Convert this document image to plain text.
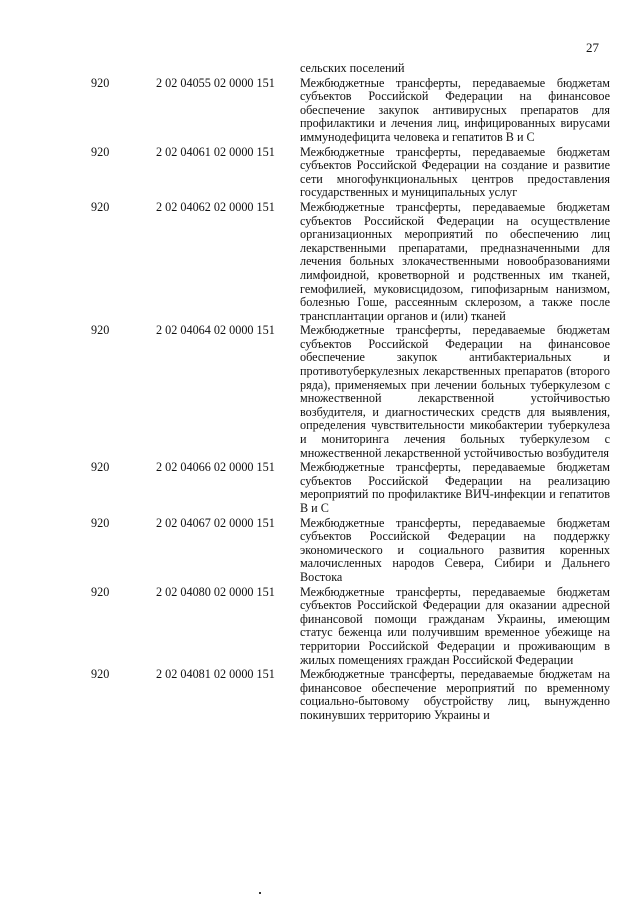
27
сельских поселений
920	2 02 04055 02 0000 151 Межбюджетные трансферты, передаваемые бюджетам субъектов Российской Федерации на финансовое обеспечение закупок антивирусных препаратов для профилактики и лечения лиц, инфицированных вирусами иммунодефицита человека и гепатитов В и С
920	2 02 04061 02 0000 151 Межбюджетные трансферты, передаваемые бюджетам субъектов Российской Федерации на создание и развитие сети многофункциональных центров предоставления государственных и муниципальных услуг
920	2 02 04062 02 0000 151 Межбюджетные трансферты, передаваемые бюджетам субъектов Российской Федерации на осуществление организационных мероприятий по обеспечению лиц лекарственными препаратами, предназначенными для лечения больных злокачественными новообразованиями лимфоидной, кроветворной и родственных им тканей, гемофилией, муковисцидозом, гипофизарным нанизмом, болезнью Гоше, рассеянным склерозом, а также после трансплантации органов и (или) тканей
920	2 02 04064 02 0000 151 Межбюджетные трансферты, передаваемые бюджетам субъектов Российской Федерации на финансовое обеспечение закупок антибактериальных и противотуберкулезных лекарственных препаратов (второго ряда), применяемых при лечении больных туберкулезом с множественной лекарственной устойчивостью возбудителя, и диагностических средств для выявления, определения чувствительности микобактерии туберкулеза и мониторинга лечения больных туберкулезом с множественной лекарственной устойчивостью возбудителя
920	2 02 04066 02 0000 151 Межбюджетные трансферты, передаваемые бюджетам субъектов Российской Федерации на реализацию мероприятий по профилактике ВИЧ-инфекции и гепатитов В и С
920	2 02 04067 02 0000 151 Межбюджетные трансферты, передаваемые бюджетам субъектов Российской Федерации на поддержку экономического и социального развития коренных малочисленных народов Севера, Сибири и Дальнего Востока
920	2 02 04080 02 0000 151 Межбюджетные трансферты, передаваемые бюджетам субъектов Российской Федерации для оказании адресной финансовой помощи гражданам Украины, имеющим статус беженца или получившим временное убежище на территории Российской Федерации и проживающим в жилых помещениях граждан Российской Федерации
920	2 02 04081 02 0000 151 Межбюджетные трансферты, передаваемые бюджетам на финансовое обеспечение мероприятий по временному социально-бытовому обустройству лиц, вынужденно покинувших территорию Украины и
